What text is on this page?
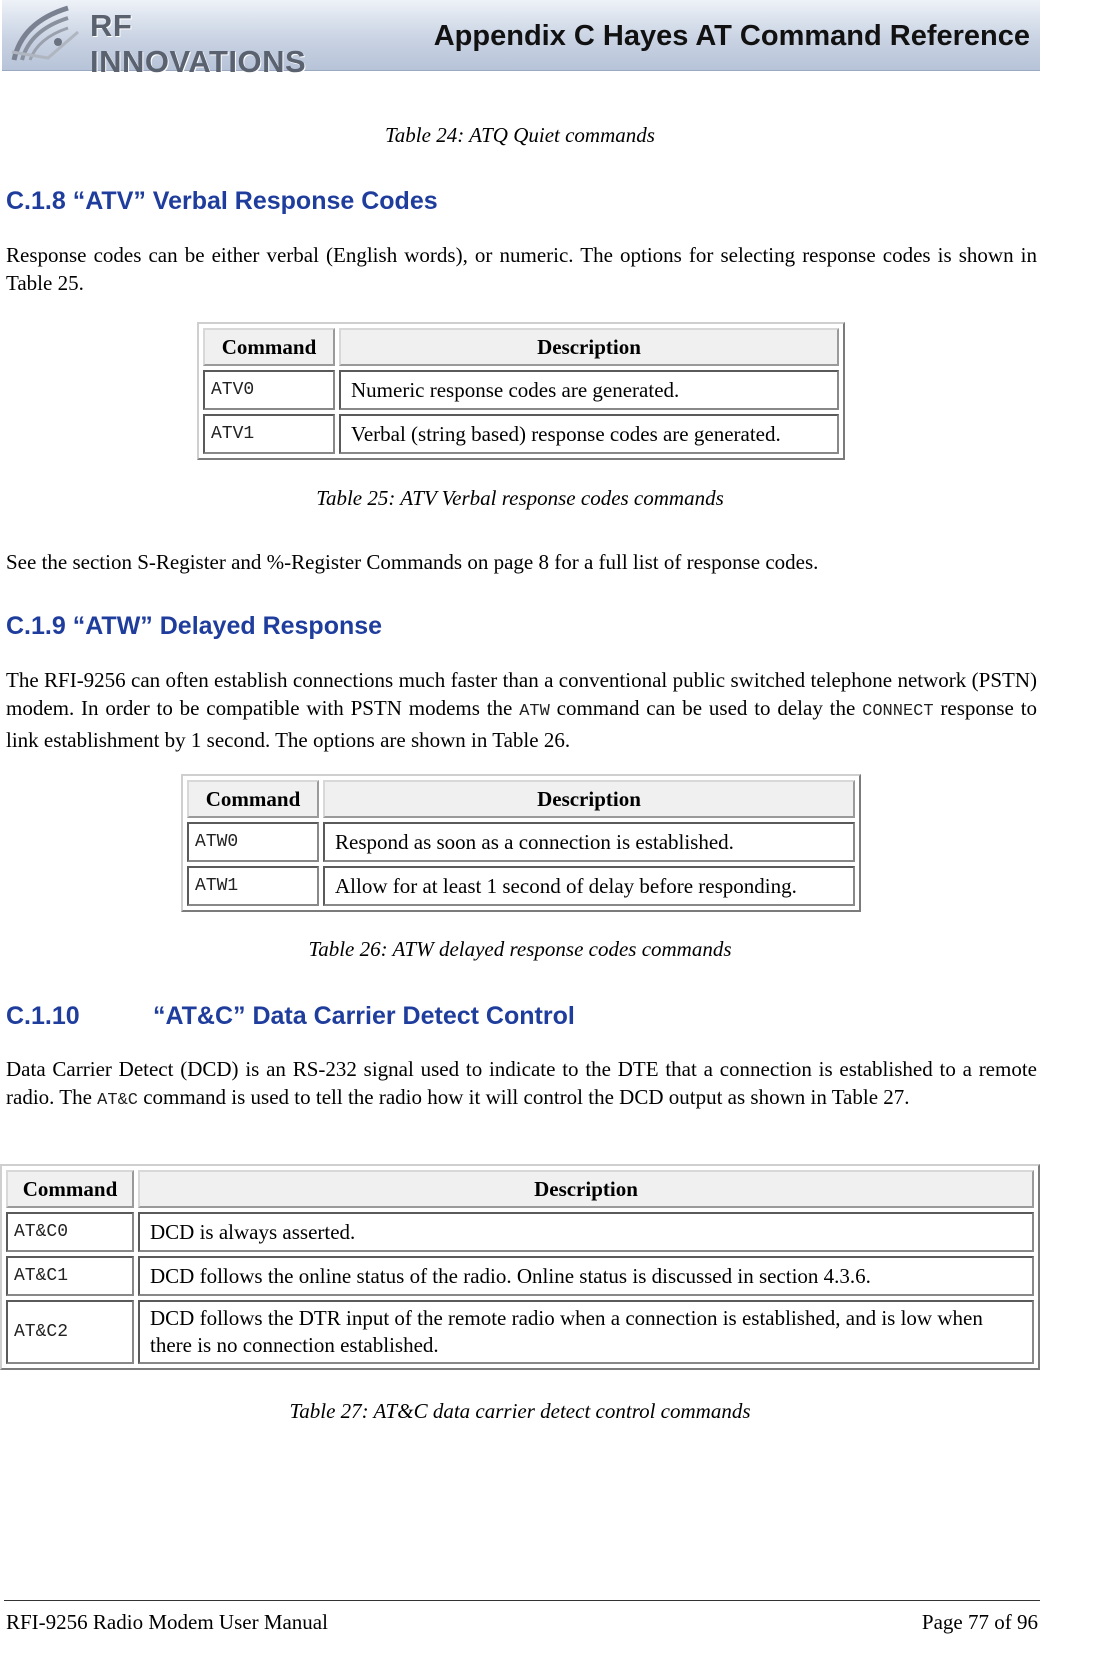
RF INNOVATIONS
Appendix C Hayes AT Command Reference
Table 24: ATQ Quiet commands
C.1.8 “ATV” Verbal Response Codes

Response codes can be either verbal (English words), or numeric. The options for selecting response codes is shown in Table 25.

Command	Description
ATV0	Numeric response codes are generated.
ATV1	Verbal (string based) response codes are generated.
Table 25: ATV Verbal response codes commands

See the section S-Register and %-Register Commands on page 8 for a full list of response codes.

C.1.9 “ATW” Delayed Response

The RFI-9256 can often establish connections much faster than a conventional public switched telephone network (PSTN) modem. In order to be compatible with PSTN modems the ATW command can be used to delay the CONNECT response to link establishment by 1 second. The options are shown in Table 26.

Command	Description
ATW0	Respond as soon as a connection is established.
ATW1	Allow for at least 1 second of delay before responding.
Table 26: ATW delayed response codes commands
C.1.10	“AT&C” Data Carrier Detect Control

Data Carrier Detect (DCD) is an RS-232 signal used to indicate to the DTE that a connection is established to a remote radio. The AT&C command is used to tell the radio how it will control the DCD output as shown in Table 27.

Command	Description
AT&C0	DCD is always asserted.
AT&C1	DCD follows the online status of the radio. Online status is discussed in section 4.3.6.
AT&C2	DCD follows the DTR input of the remote radio when a connection is established, and is low when there is no connection established.
Table 27: AT&C data carrier detect control commands
RFI-9256 Radio Modem User Manual	Page 77 of 96
